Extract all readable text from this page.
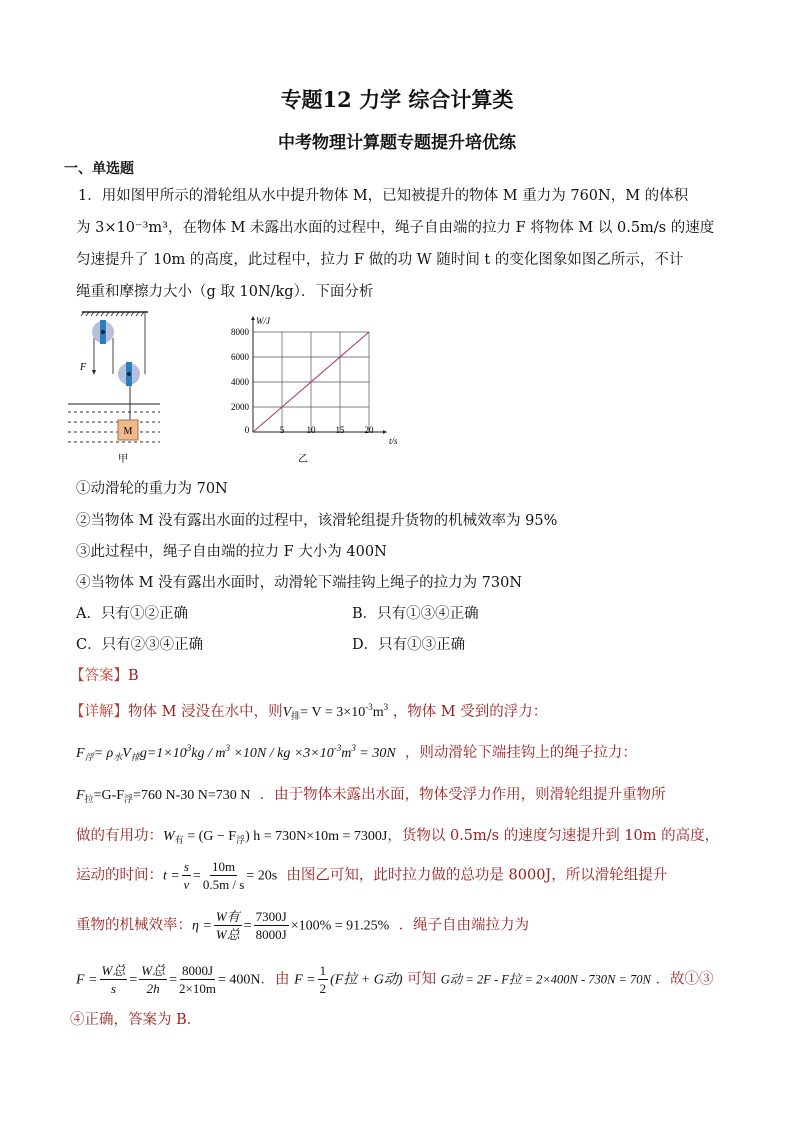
专题12 力学 综合计算类
中考物理计算题专题提升培优练
一、单选题
1．用如图甲所示的滑轮组从水中提升物体 M，已知被提升的物体 M 重力为 760N，M 的体积
为 3×10⁻³m³，在物体 M 未露出水面的过程中，绳子自由端的拉力 F 将物体 M 以 0.5m/s 的速度
匀速提升了 10m 的高度，此过程中，拉力 F 做的功 W 随时间 t 的变化图象如图乙所示，不计
绳重和摩擦力大小（g 取 10N/kg）．下面分析
F
M
甲
0	5 10 15 20
2000
4000
6000
8000
W/J
t/s
乙
①动滑轮的重力为 70N
②当物体 M 没有露出水面的过程中，该滑轮组提升货物的机械效率为 95%
③此过程中，绳子自由端的拉力 F 大小为 400N
④当物体 M 没有露出水面时，动滑轮下端挂钩上绳子的拉力为 730N
A．只有①②正确	B．只有①③④正确
C．只有②③④正确	D．只有①③正确
【答案】B
【详解】物体 M 浸没在水中，则$V_排= V = 3\times 10^{-3}m^3$ ，物体 M 受到的浮力：
$F_浮= \rho_水V_排g=1\times 10^3kg / m^3 \times 10N$ / kg $\times 3\times 10^{-3}m^3 = 30N$ ，则动滑轮下端挂钩上的绳子拉力：
$F_拉=G-F_浮=760$ N-30 N=730 N ．由于物体未露出水面，物体受浮力作用，则滑轮组提升重物所
做的有用功：$W_有 = (G - F_浮) h = 730N\times 10m = 7300J$，货物以 0.5m/s 的速度匀速提升到 10m 的高度，
运动的时间：$t = \frac{s}{v} = \frac{10m}{0.5m / s} = 20s$ 由图乙可知，此时拉力做的总功是 8000J，所以滑轮组提升
重物的机械效率：$\eta = \frac{\text{W有}}{\text{W总}} = \frac{7300J}{8000J} \times 100\% = 91.25\%$ ．绳子自由端拉力为
$F = \frac{\text{W总}}{s} = \frac{\text{W总}}{2h} = \frac{8000J}{2\times 10m} = 400N$．由 $F = \frac{1}{2} (F$拉 + G动) 可知 G动 = 2F - F拉 = 2×400N - 730N = 70N ．故①③
④正确，答案为 B．
